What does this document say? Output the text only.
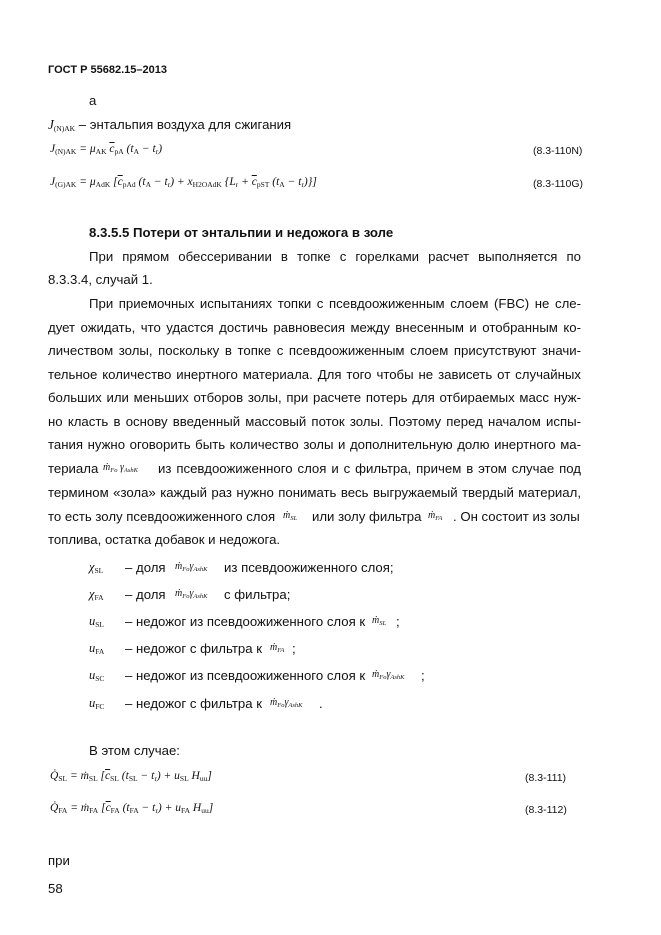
ГОСТ Р 55682.15–2013
а
$J_{(N)AK}$ – энтальпия воздуха для сжигания
$J_{(N)AK} = \mu_{AK}$ $\overline{c}_{pA}$ $(t_A - t_r)$	(8.3-110N)
$J_{(G)AK} = \mu_{AdK}$ [$\overline{c}_{pAd}$ $(t_A - t_r) + x_{H2OAdK}$ {$L_r + \overline{c}_{pST}$ $(t_A - t_r)$}]	(8.3-110G)
8.3.5.5 Потери от энтальпии и недожога в золе
При прямом обессеривании в топке с горелками расчет выполняется по
8.3.3.4, случай 1.
При приемочных испытаниях топки с псевдоожиженным слоем (FBC) не сле-
дует ожидать, что удастся достичь равновесия между внесенным и отобранным ко-
личеством золы, поскольку в топке с псевдоожиженным слоем присутствуют значи-
тельное количество инертного материала. Для того чтобы не зависеть от случайных
больших или меньших отборов золы, при расчете потерь для отбираемых масс нуж-
но класть в основу введенный массовый поток золы. Поэтому перед началом испы-
тания нужно оговорить быть количество золы и дополнительную долю инертного ма-
териала ṁ$_{Fo}$ $\gamma_{AshK}$ из псевдоожиженного слоя и с фильтра, причем в этом случае под
термином «зола» каждый раз нужно понимать весь выгружаемый твердый материал,
то есть золу псевдоожиженного слоя ṁ$_{SL}$ или золу фильтра ṁ$_{FA}$ . Он состоит из золы
топлива, остатка добавок и недожога.
$\chi_{SL}$ – доля $ṁ_{Fo}\gamma_{AshK}$ из псевдоожиженного слоя;
$\chi_{FA}$ – доля $ṁ_{Fo}\gamma_{AshK}$ с фильтра;
$u_{SL}$ – недожог из псевдоожиженного слоя к ṁ$_{SL}$ ;
$u_{FA}$ – недожог с фильтра к ṁ$_{FA}$ ;
$u_{SC}$ – недожог из псевдоожиженного слоя к $ṁ_{Fo}\gamma_{AshK}$ ;
$u_{FC}$ – недожог с фильтра к $ṁ_{Fo}\gamma_{AshK}$ .
В этом случае:
$Q̇_{SL}$ = ṁ$_{SL}$ [$\overline{c}_{SL}$ $(t_{SL} - t_r) + u_{SL}$ $H_{uu}$]	(8.3-111)
$Q̇_{FA}$ = ṁ$_{FA}$ [$\overline{c}_{FA}$ $(t_{FA} - t_r) + u_{FA}$ $H_{uu}$]	(8.3-112)
при
58
